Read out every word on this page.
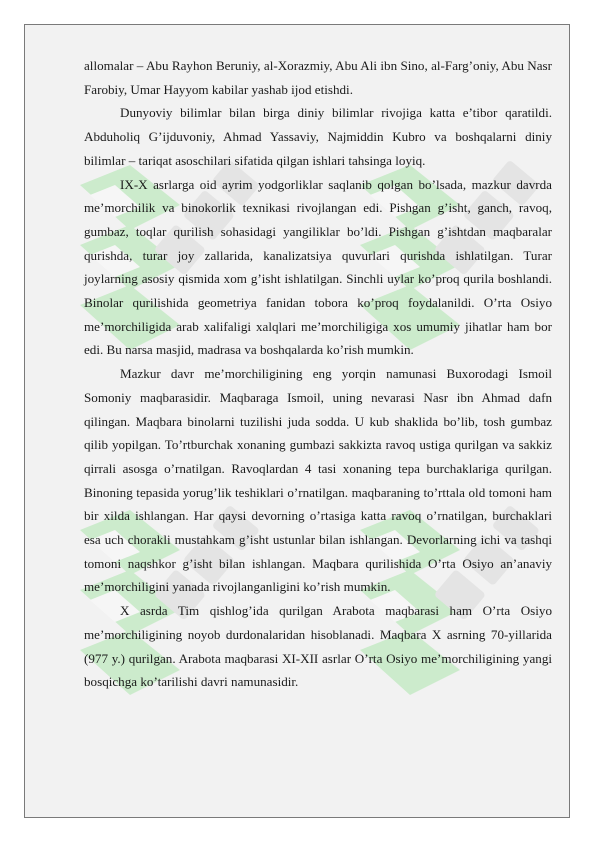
allomalar – Abu Rayhon Beruniy, al-Xorazmiy, Abu Ali ibn Sino, al-Farg’oniy, Abu Nasr Farobiy, Umar Hayyom kabilar yashab ijod etishdi.

Dunyoviy bilimlar bilan birga diniy bilimlar rivojiga katta e’tibor qaratildi. Abduholiq G’ijduvoniy, Ahmad Yassaviy, Najmiddin Kubro va boshqalarni diniy bilimlar – tariqat asoschilari sifatida qilgan ishlari tahsinga loyiq.

IX-X asrlarga oid ayrim yodgorliklar saqlanib qolgan bo’lsada, mazkur davrda me’morchilik va binokorlik texnikasi rivojlangan edi. Pishgan g’isht, ganch, ravoq, gumbaz, toqlar qurilish sohasidagi yangiliklar bo’ldi. Pishgan g’ishtdan maqbaralar qurishda, turar joy zallarida, kanalizatsiya quvurlari qurishda ishlatilgan. Turar joylarning asosiy qismida xom g’isht ishlatilgan. Sinchli uylar ko’proq qurila boshlandi. Binolar qurilishida geometriya fanidan tobora ko’proq foydalanildi. O’rta Osiyo me’morchiligida arab xalifaligi xalqlari me’morchiligiga xos umumiy jihatlar ham bor edi. Bu narsa masjid, madrasa va boshqalarda ko’rish mumkin.

Mazkur davr me’morchiligining eng yorqin namunasi Buxorodagi Ismoil Somoniy maqbarasidir. Maqbaraga Ismoil, uning nevarasi Nasr ibn Ahmad dafn qilingan. Maqbara binolarni tuzilishi juda sodda. U kub shaklida bo’lib, tosh gumbaz qilib yopilgan. To’rtburchak xonaning gumbazi sakkizta ravoq ustiga qurilgan va sakkiz qirrali asosga o’rnatilgan. Ravoqlardan 4 tasi xonaning tepa burchaklariga qurilgan. Binoning tepasida yorug’lik teshiklari o’rnatilgan. maqbaraning to’rttala old tomoni ham bir xilda ishlangan. Har qaysi devorning o’rtasiga katta ravoq o’rnatilgan, burchaklari esa uch chorakli mustahkam g’isht ustunlar bilan ishlangan. Devorlarning ichi va tashqi tomoni naqshkor g’isht bilan ishlangan. Maqbara qurilishida O’rta Osiyo an’anaviy me’morchiligini yanada rivojlanganligini ko’rish mumkin.

X asrda Tim qishlog’ida qurilgan Arabota maqbarasi ham O’rta Osiyo me’morchiligining noyob durdonalaridan hisoblanadi. Maqbara X asrning 70-yillarida (977 y.) qurilgan. Arabota maqbarasi XI-XII asrlar O’rta Osiyo me’morchiligining yangi bosqichga ko’tarilishi davri namunasidir.
